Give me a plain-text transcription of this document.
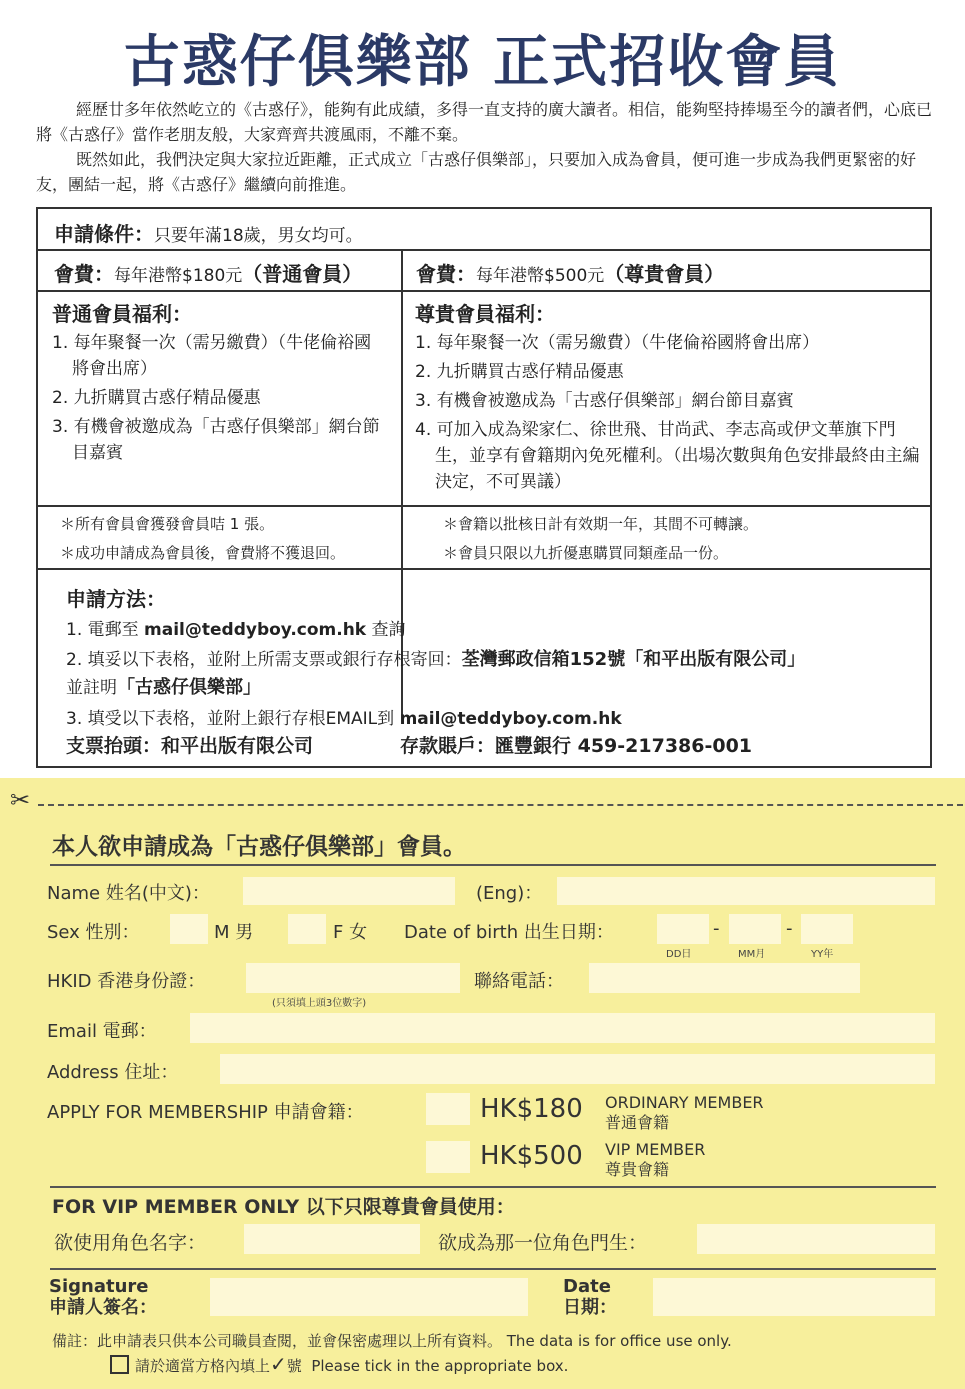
古惑仔俱樂部 正式招收會員

經歷廿多年依然屹立的《古惑仔》，能夠有此成績，多得一直支持的廣大讀者。相信，能夠堅持捧場至今的讀者們，心底已將《古惑仔》當作老朋友般，大家齊齊共渡風雨，不離不棄。

既然如此，我們決定與大家拉近距離，正式成立「古惑仔俱樂部」，只要加入成為會員，便可進一步成為我們更緊密的好友，團結一起，將《古惑仔》繼續向前推進。

申請條件：只要年滿18歲，男女均可。
會費：每年港幣$180元（普通會員）	會費：每年港幣$500元（尊貴會員）
普通會員福利：
1. 每年聚餐一次（需另繳費）（牛佬倫裕國將會出席）
2. 九折購買古惑仔精品優惠
3. 有機會被邀成為「古惑仔俱樂部」網台節目嘉賓
尊貴會員福利：
1. 每年聚餐一次（需另繳費）（牛佬倫裕國將會出席）
2. 九折購買古惑仔精品優惠
3. 有機會被邀成為「古惑仔俱樂部」網台節目嘉賓
4. 可加入成為梁家仁、徐世飛、甘尚武、李志高或伊文華旗下門生，並享有會籍期內免死權利。（出場次數與角色安排最終由主編決定，不可異議）
＊所有會員會獲發會員咭 1 張。	＊會籍以批核日計有效期一年，其間不可轉讓。
＊成功申請成為會員後，會費將不獲退回。	＊會員只限以九折優惠購買同類產品一份。
申請方法：
1. 電郵至 mail@teddyboy.com.hk 查詢
2. 填妥以下表格，並附上所需支票或銀行存根寄回：荃灣郵政信箱152號「和平出版有限公司」
並註明「古惑仔俱樂部」
3. 填受以下表格，並附上銀行存根EMAIL到 mail@teddyboy.com.hk
支票抬頭：和平出版有限公司	存款賬戶：匯豐銀行 459-217386-001
✂
本人欲申請成為「古惑仔俱樂部」會員。
Name 姓名(中文)：	(Eng)：
Sex 性別：	M 男	F 女 Date of birth 出生日期：	-	-
DD日	MM月	YY年
HKID 香港身份證：
(只須填上頭3位數字)
聯絡電話：
Email 電郵：
Address 住址：
APPLY FOR MEMBERSHIP 申請會籍：	HK$180 ORDINARY MEMBER
普通會籍
HK$500 VIP MEMBER
尊貴會籍
FOR VIP MEMBER ONLY 以下只限尊貴會員使用：
欲使用角色名字：	欲成為那一位角色門生：
Signature
申請人簽名：
Date
日期：
備註：此申請表只供本公司職員查閱，並會保密處理以上所有資料。 The data is for office use only.
請於適當方格內填上✓號 Please tick in the appropriate box.
